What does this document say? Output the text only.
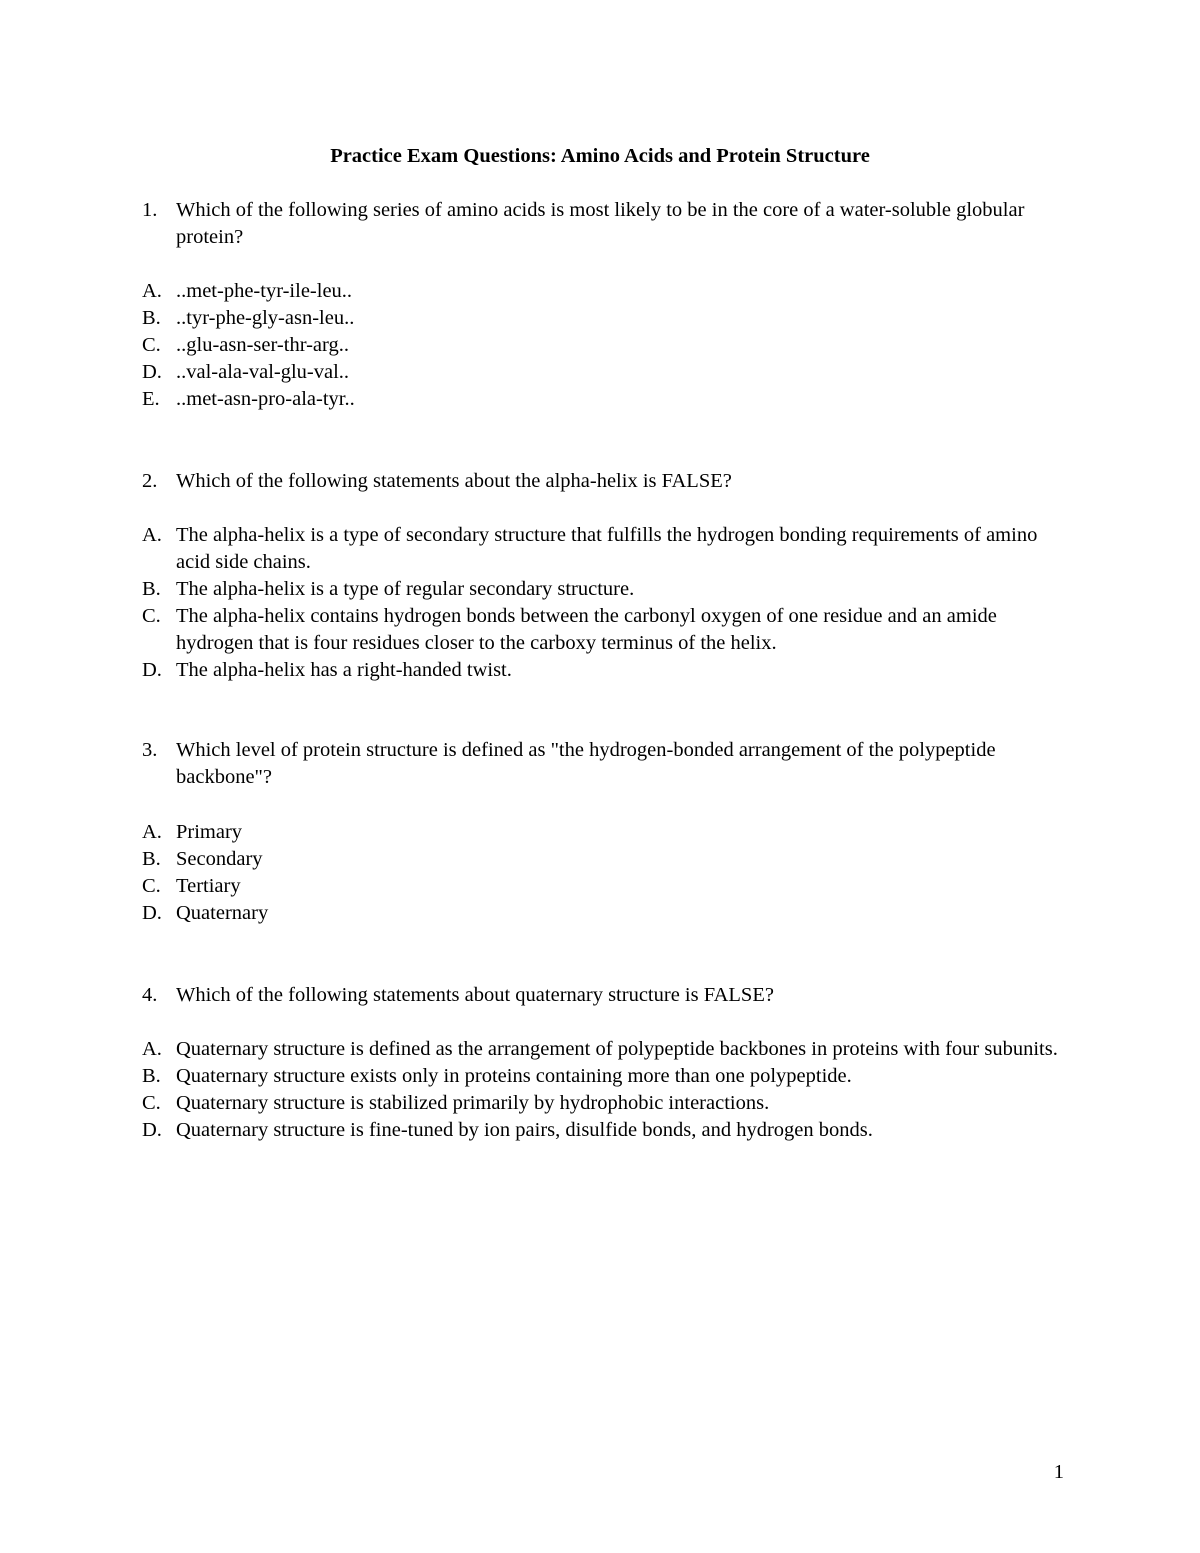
Practice Exam Questions: Amino Acids and Protein Structure
1. Which of the following series of amino acids is most likely to be in the core of a water-soluble globular protein?
A. ..met-phe-tyr-ile-leu..
B. ..tyr-phe-gly-asn-leu..
C. ..glu-asn-ser-thr-arg..
D. ..val-ala-val-glu-val..
E. ..met-asn-pro-ala-tyr..
2. Which of the following statements about the alpha-helix is FALSE?
A. The alpha-helix is a type of secondary structure that fulfills the hydrogen bonding requirements of amino acid side chains.
B. The alpha-helix is a type of regular secondary structure.
C. The alpha-helix contains hydrogen bonds between the carbonyl oxygen of one residue and an amide hydrogen that is four residues closer to the carboxy terminus of the helix.
D. The alpha-helix has a right-handed twist.
3. Which level of protein structure is defined as "the hydrogen-bonded arrangement of the polypeptide backbone"?
A. Primary
B. Secondary
C. Tertiary
D. Quaternary
4. Which of the following statements about quaternary structure is FALSE?
A. Quaternary structure is defined as the arrangement of polypeptide backbones in proteins with four subunits.
B. Quaternary structure exists only in proteins containing more than one polypeptide.
C. Quaternary structure is stabilized primarily by hydrophobic interactions.
D. Quaternary structure is fine-tuned by ion pairs, disulfide bonds, and hydrogen bonds.
1
